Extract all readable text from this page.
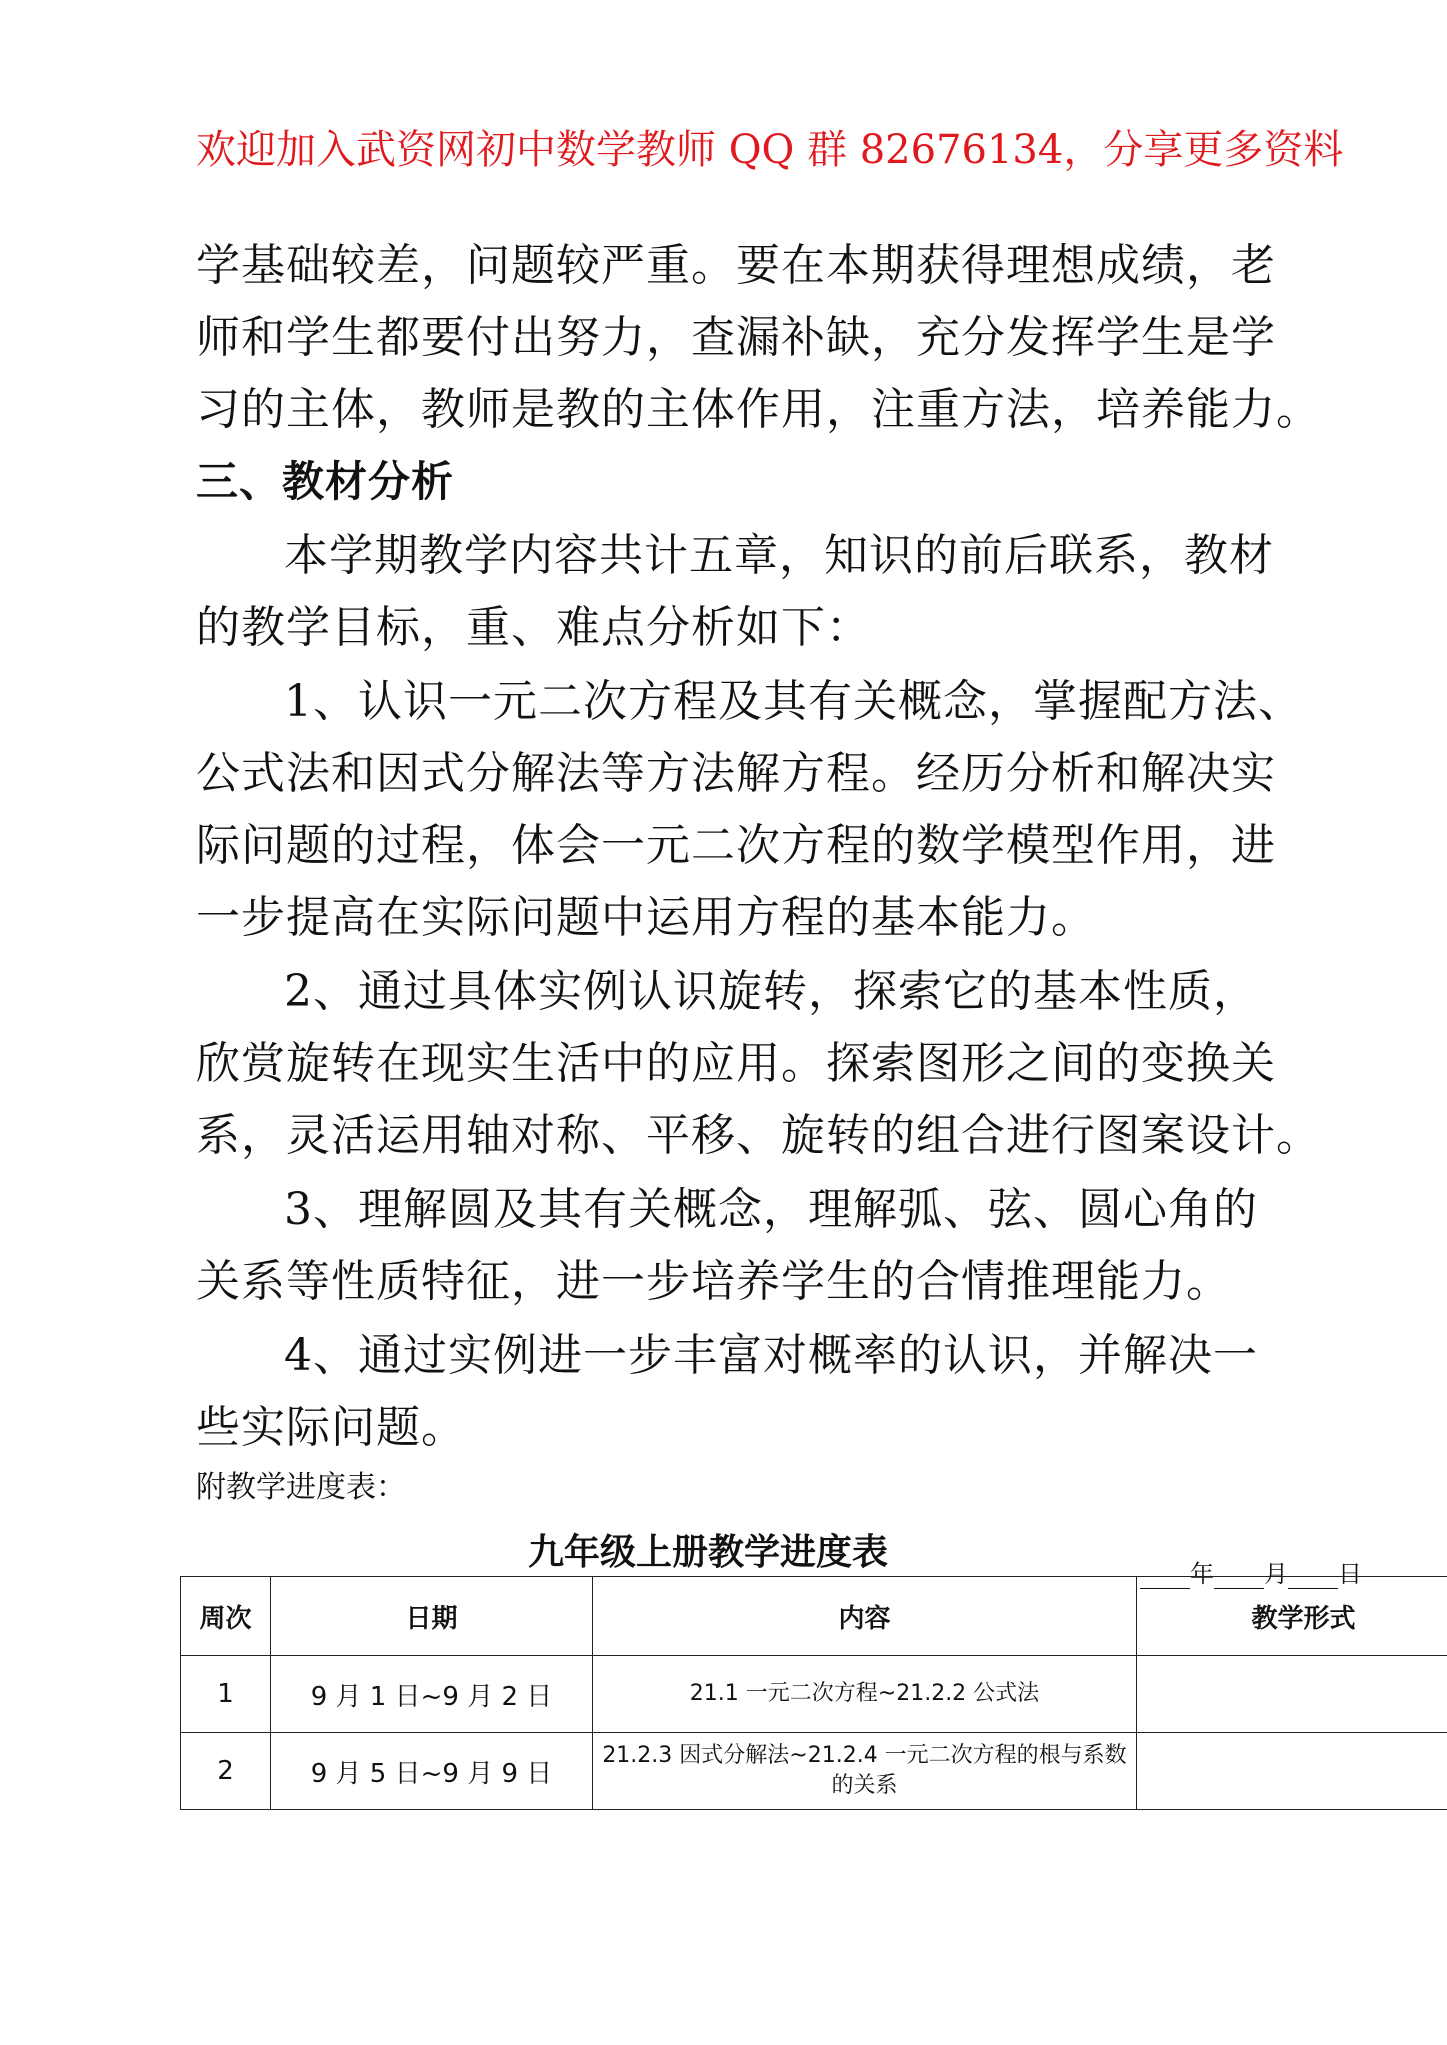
欢迎加入武资网初中数学教师 QQ 群 82676134，分享更多资料
学基础较差，问题较严重。要在本期获得理想成绩，老
师和学生都要付出努力，查漏补缺，充分发挥学生是学
习的主体，教师是教的主体作用，注重方法，培养能力。
三、教材分析
本学期教学内容共计五章，知识的前后联系，教材
的教学目标，重、难点分析如下：
1、认识一元二次方程及其有关概念，掌握配方法、
公式法和因式分解法等方法解方程。经历分析和解决实
际问题的过程，体会一元二次方程的数学模型作用，进
一步提高在实际问题中运用方程的基本能力。
2、通过具体实例认识旋转，探索它的基本性质，
欣赏旋转在现实生活中的应用。探索图形之间的变换关
系，灵活运用轴对称、平移、旋转的组合进行图案设计。
3、理解圆及其有关概念，理解弧、弦、圆心角的
关系等性质特征，进一步培养学生的合情推理能力。
4、通过实例进一步丰富对概率的认识，并解决一
些实际问题。
附教学进度表：
九年级上册教学进度表
年 月 日
周次	日期	内容	教学形式
1	9 月 1 日~9 月 2 日	21.1 一元二次方程~21.2.2 公式法	
2	9 月 5 日~9 月 9 日	21.2.3 因式分解法~21.2.4 一元二次方程的根与系数的关系	
